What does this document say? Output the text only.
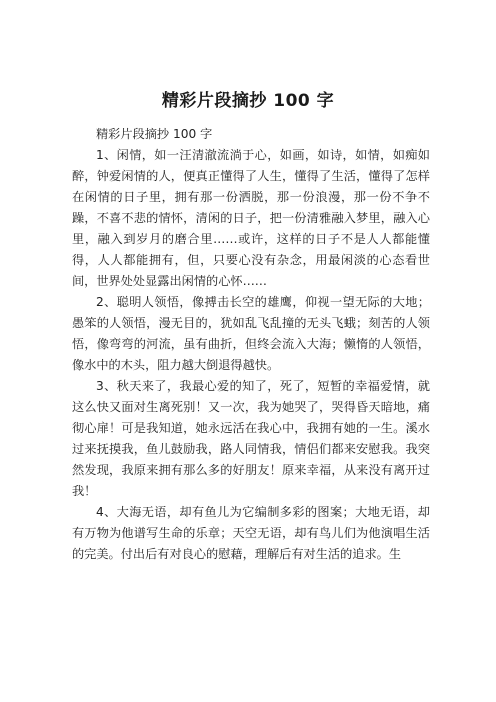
精彩片段摘抄 100 字

精彩片段摘抄 100 字

1、闲情，如一汪清澈流淌于心，如画，如诗，如情，如痴如醉，钟爱闲情的人，便真正懂得了人生，懂得了生活，懂得了怎样在闲情的日子里，拥有那一份洒脱，那一份浪漫，那一份不争不躁，不喜不悲的情怀，清闲的日子，把一份清雅融入梦里，融入心里，融入到岁月的磨合里……或许，这样的日子不是人人都能懂得，人人都能拥有，但，只要心没有杂念，用最闲淡的心态看世间，世界处处显露出闲情的心怀……

2、聪明人领悟，像搏击长空的雄鹰，仰视一望无际的大地；愚笨的人领悟，漫无目的，犹如乱飞乱撞的无头飞蛾；刻苦的人领悟，像弯弯的河流，虽有曲折，但终会流入大海；懒惰的人领悟，像水中的木头，阻力越大倒退得越快。

3、秋天来了，我最心爱的知了，死了，短暂的幸福爱情，就这么快又面对生离死别！又一次，我为她哭了，哭得昏天暗地，痛彻心扉！可是我知道，她永远活在我心中，我拥有她的一生。溪水过来抚摸我，鱼儿鼓励我，路人同情我，情侣们都来安慰我。我突然发现，我原来拥有那么多的好朋友！原来幸福，从来没有离开过我！

4、大海无语，却有鱼儿为它编制多彩的图案；大地无语，却有万物为他谱写生命的乐章；天空无语，却有鸟儿们为他演唱生活的完美。付出后有对良心的慰藉，理解后有对生活的追求。生
